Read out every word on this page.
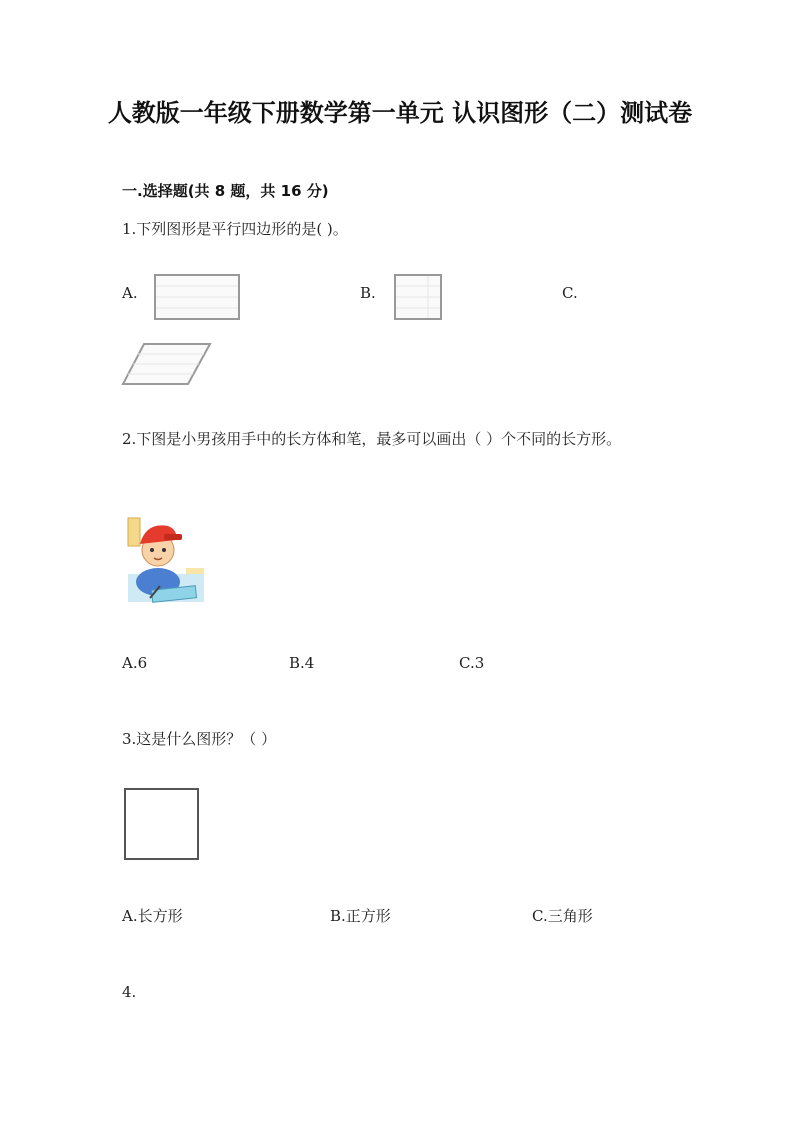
人教版一年级下册数学第一单元 认识图形（二）测试卷
一.选择题(共 8 题，共 16 分)
1.下列图形是平行四边形的是( )。
A.	B.	C.
2.下图是小男孩用手中的长方体和笔，最多可以画出（ ）个不同的长方形。
A.6	B.4	C.3
3.这是什么图形？（ ）
A.长方形	B.正方形	C.三角形
4.
